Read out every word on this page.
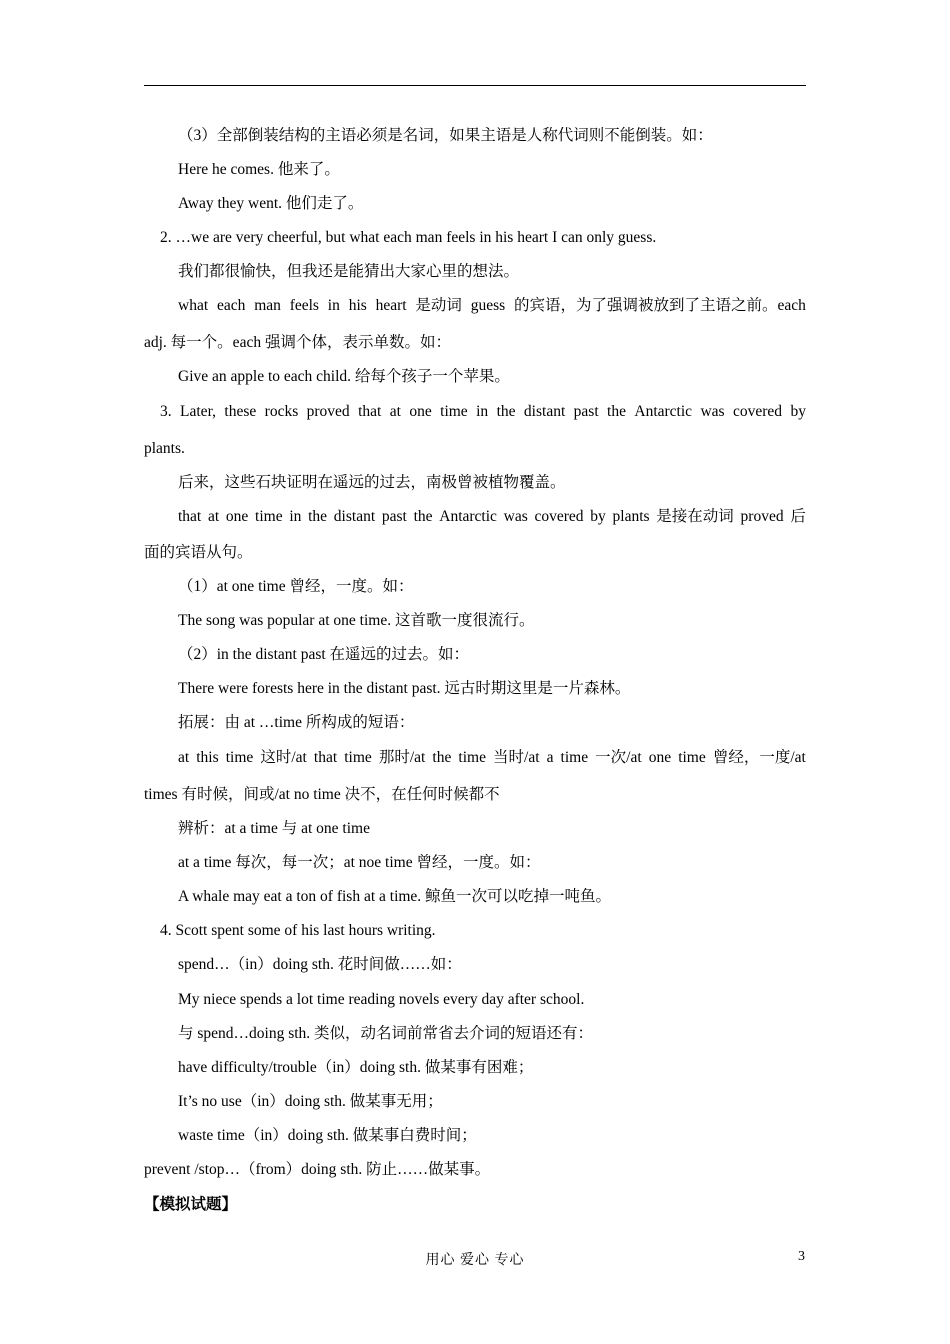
（3）全部倒装结构的主语必须是名词，如果主语是人称代词则不能倒装。如：
Here he comes. 他来了。
Away they went. 他们走了。
2. …we are very cheerful, but what each man feels in his heart I can only guess.
我们都很愉快，但我还是能猜出大家心里的想法。
what each man feels in his heart 是动词 guess 的宾语，为了强调被放到了主语之前。each
adj. 每一个。each 强调个体，表示单数。如：
Give an apple to each child. 给每个孩子一个苹果。
3. Later, these rocks proved that at one time in the distant past the Antarctic was covered by
plants.
后来，这些石块证明在遥远的过去，南极曾被植物覆盖。
that at one time in the distant past the Antarctic was covered by plants 是接在动词 proved 后
面的宾语从句。
（1）at one time 曾经，一度。如：
The song was popular at one time. 这首歌一度很流行。
（2）in the distant past 在遥远的过去。如：
There were forests here in the distant past. 远古时期这里是一片森林。
拓展：由 at …time 所构成的短语：
at this time 这时/at that time 那时/at the time 当时/at a time 一次/at one time 曾经，一度/at
times 有时候，间或/at no time 决不，在任何时候都不
辨析：at a time 与 at one time
at a time 每次，每一次；at noe time 曾经，一度。如：
A whale may eat a ton of fish at a time. 鲸鱼一次可以吃掉一吨鱼。
4. Scott spent some of his last hours writing.
spend…（in）doing sth. 花时间做……如：
My niece spends a lot time reading novels every day after school.
与 spend…doing sth. 类似，动名词前常省去介词的短语还有：
have difficulty/trouble（in）doing sth. 做某事有困难；
It’s no use（in）doing sth. 做某事无用；
waste time（in）doing sth. 做某事白费时间；
prevent /stop…（from）doing sth. 防止……做某事。
【模拟试题】
用心 爱心 专心	3
